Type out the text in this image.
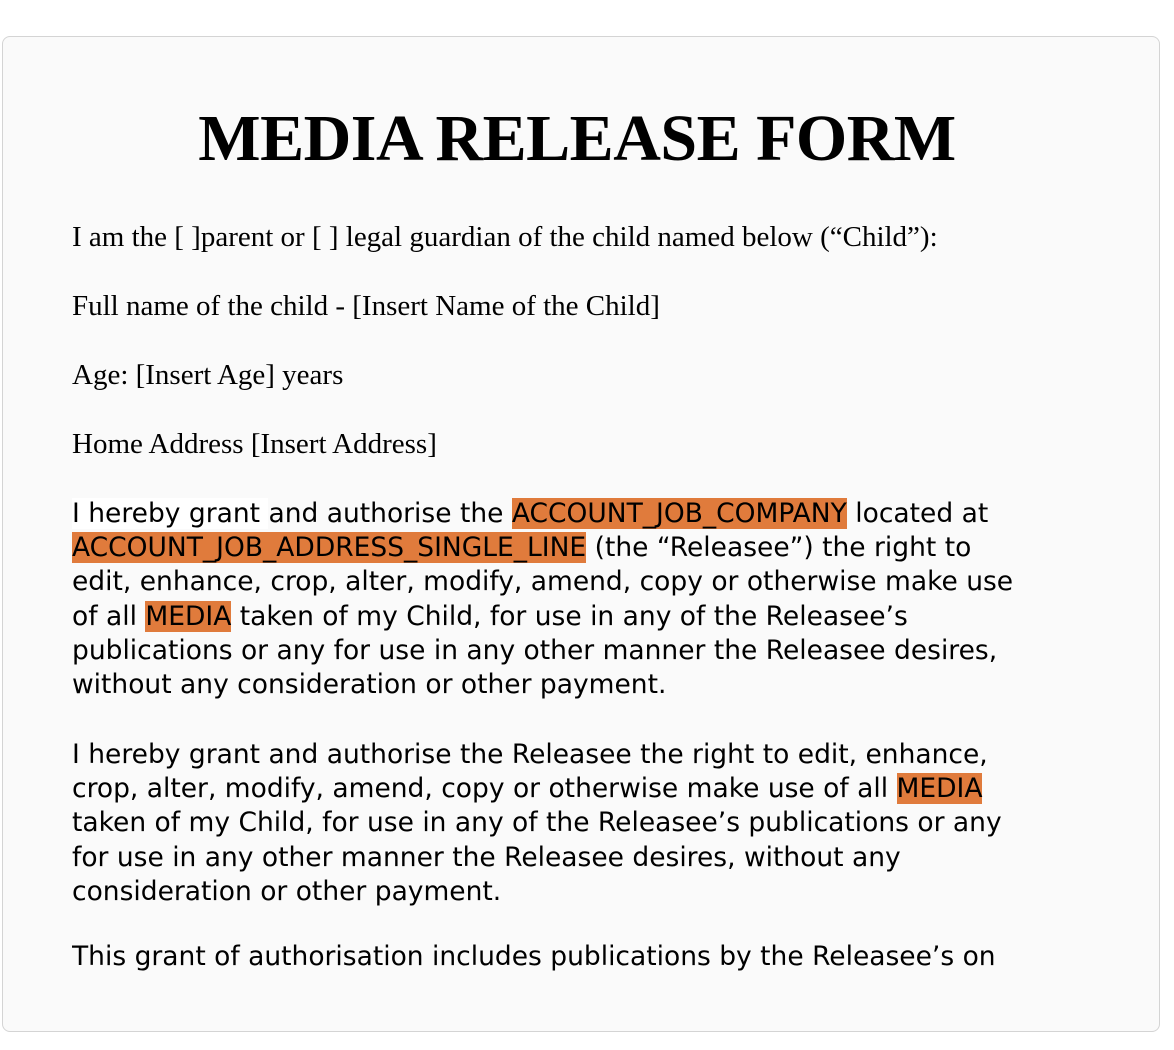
MEDIA RELEASE FORM

I am the [ ]parent or [ ] legal guardian of the child named below (“Child”):

Full name of the child - [Insert Name of the Child]

Age: [Insert Age] years

Home Address [Insert Address]

I hereby grant and authorise the ACCOUNT_JOB_COMPANY located at
ACCOUNT_JOB_ADDRESS_SINGLE_LINE (the “Releasee”) the right to
edit, enhance, crop, alter, modify, amend, copy or otherwise make use
of all MEDIA taken of my Child, for use in any of the Releasee’s
publications or any for use in any other manner the Releasee desires,
without any consideration or other payment.
I hereby grant and authorise the Releasee the right to edit, enhance,
crop, alter, modify, amend, copy or otherwise make use of all MEDIA
taken of my Child, for use in any of the Releasee’s publications or any
for use in any other manner the Releasee desires, without any
consideration or other payment.
This grant of authorisation includes publications by the Releasee’s on
